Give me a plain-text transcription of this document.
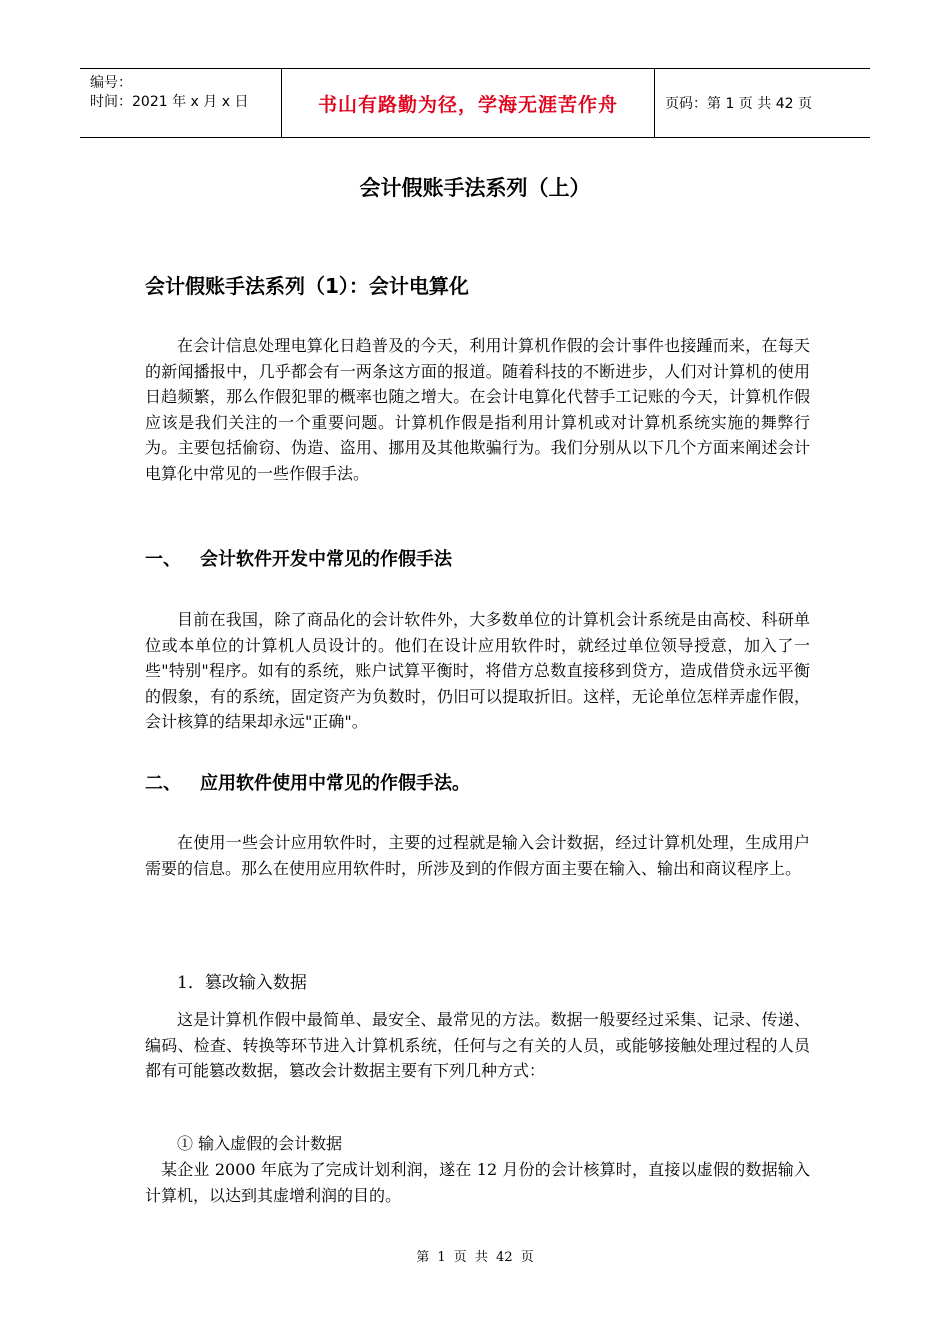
编号：
时间：2021 年 x 月 x 日	书山有路勤为径，学海无涯苦作舟	页码：第 1 页 共 42 页
会计假账手法系列（上）
会计假账手法系列（1）：会计电算化

在会计信息处理电算化日趋普及的今天，利用计算机作假的会计事件也接踵而来，在每天的新闻播报中，几乎都会有一两条这方面的报道。随着科技的不断进步，人们对计算机的使用日趋频繁，那么作假犯罪的概率也随之增大。在会计电算化代替手工记账的今天，计算机作假应该是我们关注的一个重要问题。计算机作假是指利用计算机或对计算机系统实施的舞弊行为。主要包括偷窃、伪造、盗用、挪用及其他欺骗行为。我们分别从以下几个方面来阐述会计电算化中常见的一些作假手法。

一、	会计软件开发中常见的作假手法

目前在我国，除了商品化的会计软件外，大多数单位的计算机会计系统是由高校、科研单位或本单位的计算机人员设计的。他们在设计应用软件时，就经过单位领导授意，加入了一些"特别"程序。如有的系统，账户试算平衡时，将借方总数直接移到贷方，造成借贷永远平衡的假象，有的系统，固定资产为负数时，仍旧可以提取折旧。这样，无论单位怎样弄虚作假，会计核算的结果却永远"正确"。

二、	应用软件使用中常见的作假手法。

在使用一些会计应用软件时，主要的过程就是输入会计数据，经过计算机处理，生成用户需要的信息。那么在使用应用软件时，所涉及到的作假方面主要在输入、输出和商议程序上。

1．篡改输入数据

这是计算机作假中最简单、最安全、最常见的方法。数据一般要经过采集、记录、传递、编码、检查、转换等环节进入计算机系统，任何与之有关的人员，或能够接触处理过程的人员都有可能篡改数据，篡改会计数据主要有下列几种方式：

① 输入虚假的会计数据

某企业 2000 年底为了完成计划利润，遂在 12 月份的会计核算时，直接以虚假的数据输入计算机，以达到其虚增利润的目的。

第 1 页 共 42 页
